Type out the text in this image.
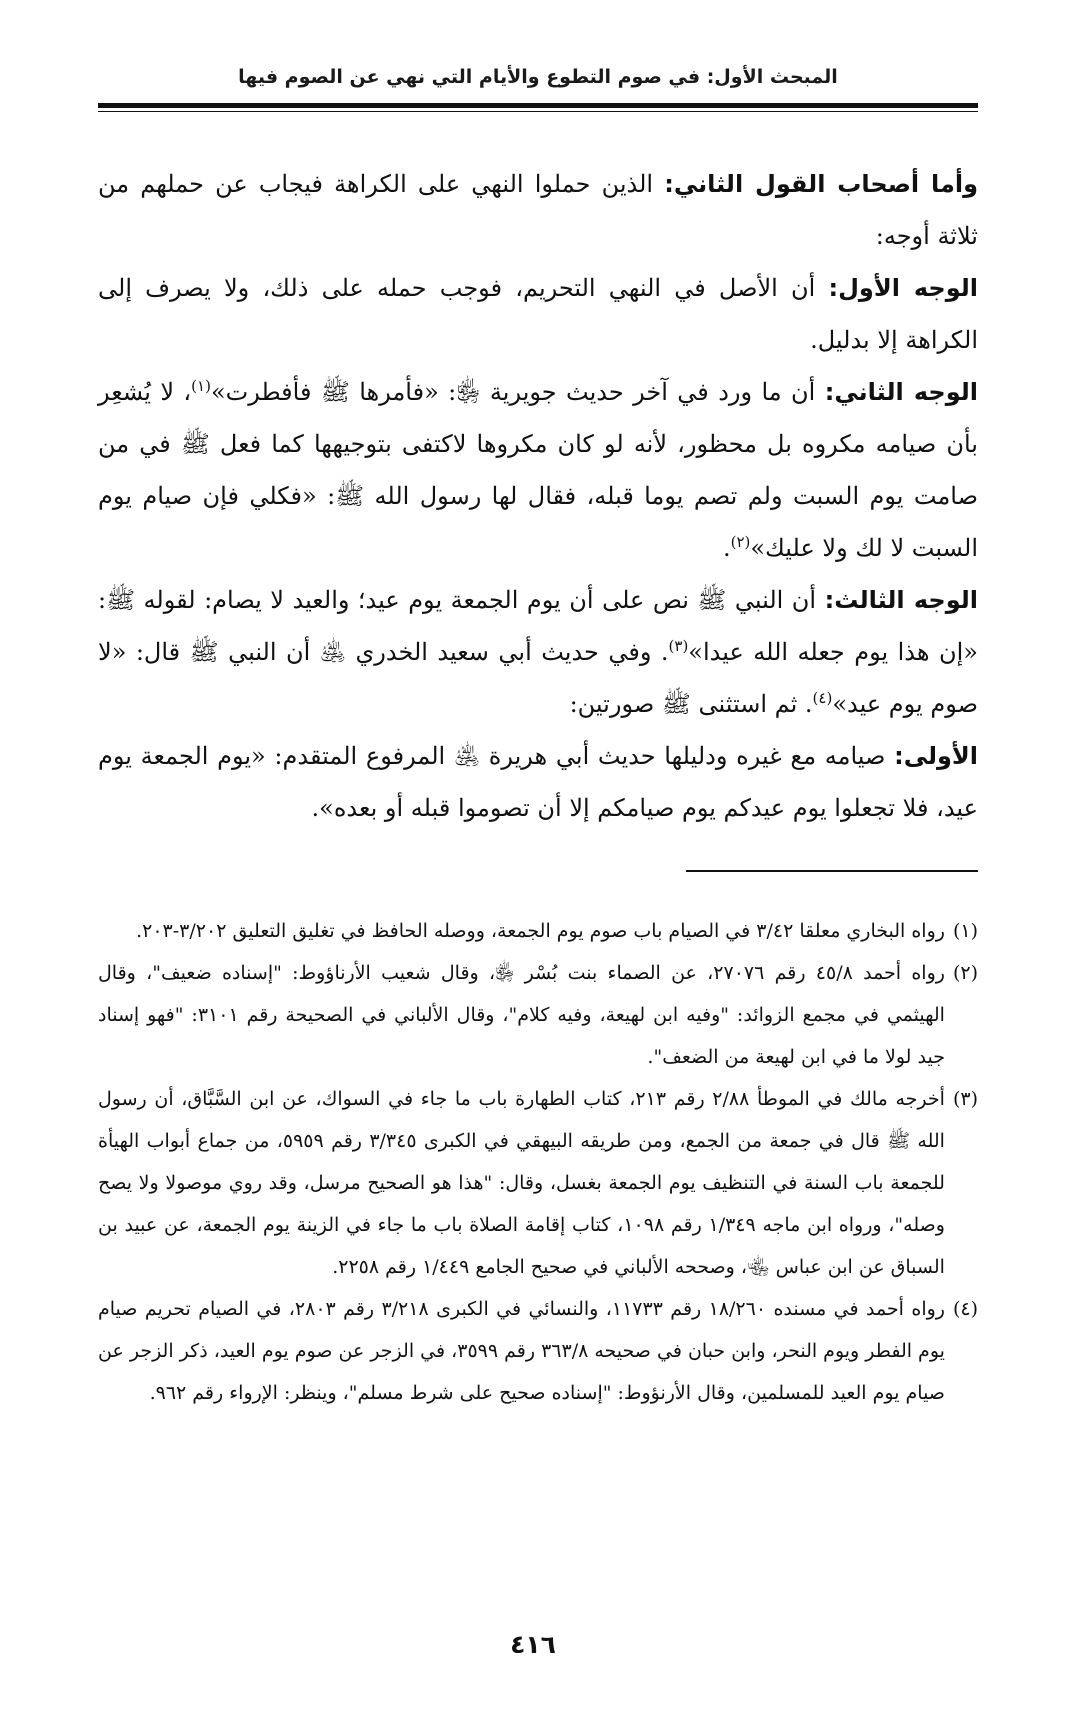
المبحث الأول: في صوم التطوع والأيام التي نهي عن الصوم فيها

وأما أصحاب القول الثاني: الذين حملوا النهي على الكراهة فيجاب عن حملهم من ثلاثة أوجه:

الوجه الأول: أن الأصل في النهي التحريم، فوجب حمله على ذلك، ولا يصرف إلى الكراهة إلا بدليل.

الوجه الثاني: أن ما ورد في آخر حديث جويرية ﵂: «فأمرها ﷺ فأفطرت»$^{(١)}$، لا يُشعِر بأن صيامه مكروه بل محظور، لأنه لو كان مكروها لاكتفى بتوجيهها كما فعل ﷺ في من صامت يوم السبت ولم تصم يوما قبله، فقال لها رسول الله ﷺ: «فكلي فإن صيام يوم السبت لا لك ولا عليك»$^{(٢)}$.

الوجه الثالث: أن النبي ﷺ نص على أن يوم الجمعة يوم عيد؛ والعيد لا يصام: لقوله ﷺ: «إن هذا يوم جعله الله عيدا»$^{(٣)}$. وفي حديث أبي سعيد الخدري ﵁ أن النبي ﷺ قال: «لا صوم يوم عيد»$^{(٤)}$. ثم استثنى ﷺ صورتين:

الأولى: صيامه مع غيره ودليلها حديث أبي هريرة ﵁ المرفوع المتقدم: «يوم الجمعة يوم عيد، فلا تجعلوا يوم عيدكم يوم صيامكم إلا أن تصوموا قبله أو بعده».

(١)
رواه البخاري معلقا ٣/٤٢ في الصيام باب صوم يوم الجمعة، ووصله الحافظ في تغليق التعليق ٣/٢٠٢-٢٠٣.
(٢)
رواه أحمد ٤٥/٨ رقم ٢٧٠٧٦، عن الصماء بنت بُسْر ﵂، وقال شعيب الأرناؤوط: "إسناده ضعيف"، وقال الهيثمي في مجمع الزوائد: "وفيه ابن لهيعة، وفيه كلام"، وقال الألباني في الصحيحة رقم ٣١٠١: "فهو إسناد جيد لولا ما في ابن لهيعة من الضعف".
(٣)
أخرجه مالك في الموطأ ٢/٨٨ رقم ٢١٣، كتاب الطهارة باب ما جاء في السواك، عن ابن السَّبَّاق، أن رسول الله ﷺ قال في جمعة من الجمع، ومن طريقه البيهقي في الكبرى ٣/٣٤٥ رقم ٥٩٥٩، من جماع أبواب الهيأة للجمعة باب السنة في التنظيف يوم الجمعة بغسل، وقال: "هذا هو الصحيح مرسل، وقد روي موصولا ولا يصح وصله"، ورواه ابن ماجه ١/٣٤٩ رقم ١٠٩٨، كتاب إقامة الصلاة باب ما جاء في الزينة يوم الجمعة، عن عبيد بن السباق عن ابن عباس ﵄، وصححه الألباني في صحيح الجامع ١/٤٤٩ رقم ٢٢٥٨.
(٤)
رواه أحمد في مسنده ١٨/٢٦٠ رقم ١١٧٣٣، والنسائي في الكبرى ٣/٢١٨ رقم ٢٨٠٣، في الصيام تحريم صيام يوم الفطر ويوم النحر، وابن حبان في صحيحه ٣٦٣/٨ رقم ٣٥٩٩، في الزجر عن صوم يوم العيد، ذكر الزجر عن صيام يوم العيد للمسلمين، وقال الأرنؤوط: "إسناده صحيح على شرط مسلم"، وينظر: الإرواء رقم ٩٦٢.
٤١٦
